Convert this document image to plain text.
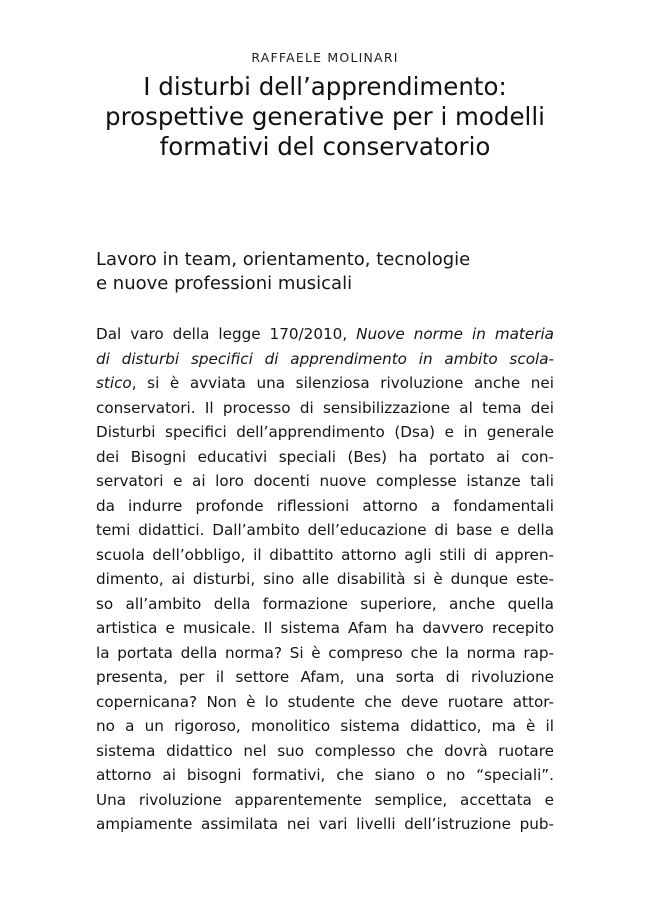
RAFFAELE MOLINARI
I disturbi dell’apprendimento:
prospettive generative per i modelli
formativi del conservatorio
Lavoro in team, orientamento, tecnologie
e nuove professioni musicali
Dal varo della legge 170/2010, Nuove norme in materia
di disturbi specifici di apprendimento in ambito scola-
stico, si è avviata una silenziosa rivoluzione anche nei
conservatori. Il processo di sensibilizzazione al tema dei
Disturbi specifici dell’apprendimento (Dsa) e in generale
dei Bisogni educativi speciali (Bes) ha portato ai con-
servatori e ai loro docenti nuove complesse istanze tali
da indurre profonde riflessioni attorno a fondamentali
temi didattici. Dall’ambito dell’educazione di base e della
scuola dell’obbligo, il dibattito attorno agli stili di appren-
dimento, ai disturbi, sino alle disabilità si è dunque este-
so all’ambito della formazione superiore, anche quella
artistica e musicale. Il sistema Afam ha davvero recepito
la portata della norma? Si è compreso che la norma rap-
presenta, per il settore Afam, una sorta di rivoluzione
copernicana? Non è lo studente che deve ruotare attor-
no a un rigoroso, monolitico sistema didattico, ma è il
sistema didattico nel suo complesso che dovrà ruotare
attorno ai bisogni formativi, che siano o no “speciali”.
Una rivoluzione apparentemente semplice, accettata e
ampiamente assimilata nei vari livelli dell’istruzione pub-
